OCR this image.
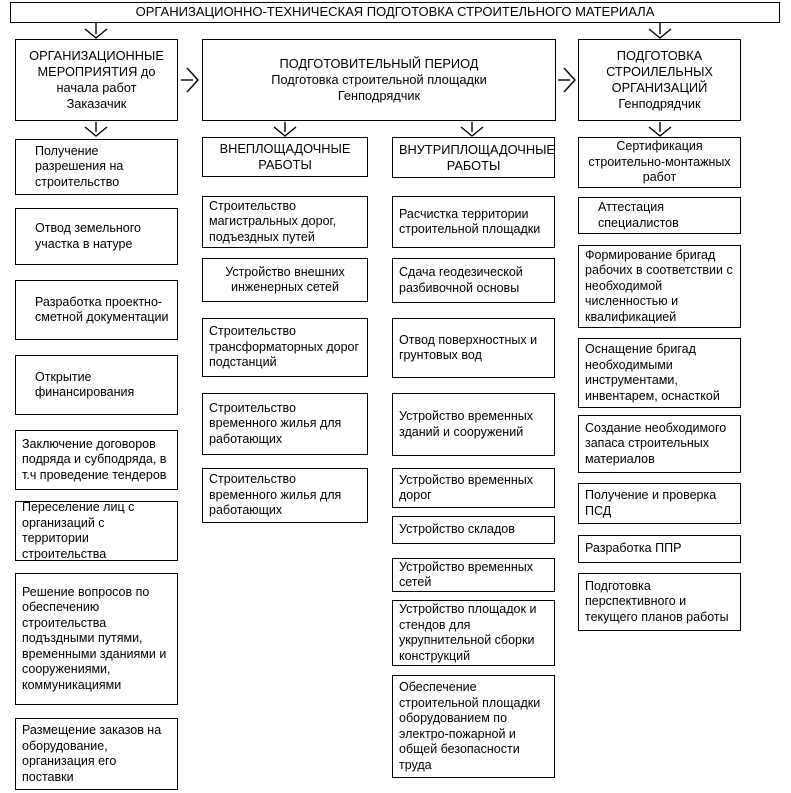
ОРГАНИЗАЦИОННО-ТЕХНИЧЕСКАЯ ПОДГОТОВКА СТРОИТЕЛЬНОГО МАТЕРИАЛА
ОРГАНИЗАЦИОННЫЕ
МЕРОПРИЯТИЯ до
начала работ
Заказачик
ПОДГОТОВИТЕЛЬНЫЙ ПЕРИОД
Подготовка строительной площадки
Генподрядчик
ПОДГОТОВКА
СТРОИЛЕЛЬНЫХ
ОРГАНИЗАЦИЙ
Генподрядчик
Получение разрешения на строительство
Отвод земельного участка в натуре
Разработка проектно-сметной документации
Открытие финансирования
Заключение договоров подряда и субподряда, в т.ч проведение тендеров
Переселение лиц с организаций с территории строительства
Решение вопросов по обеспечению строительства подъздными путями, временными зданиями и сооружениями, коммуникациями
Размещение заказов на оборудование, организация его поставки
ВНЕПЛОЩАДОЧНЫЕ РАБОТЫ
Строительство магистральных дорог, подъездных путей
Устройство внешних инженерных сетей
Строительство трансформаторных дорог подстанций
Строительство временного жилья для работающих
Строительство временного жилья для работающих
ВНУТРИПЛОЩАДОЧНЫЕ РАБОТЫ
Расчистка территории строительной площадки
Сдача геодезической разбивочной основы
Отвод поверхностных и грунтовых вод
Устройство временных зданий и сооружений
Устройство временных дорог
Устройство складов
Устройство временных сетей
Устройство площадок и стендов для укрупнительной сборки конструкций
Обеспечение строительной площадки оборудованием по электро-пожарной и общей безопасности труда
Сертификация строительно-монтажных работ
Аттестация специалистов
Формирование бригад рабочих в соответствии с необходимой численностью и квалификацией
Оснащение бригад необходимыми инструментами, инвентарем, оснасткой
Создание необходимого запаса строительных материалов
Получение и проверка ПСД
Разработка ППР
Подготовка перспективного и текущего планов работы
